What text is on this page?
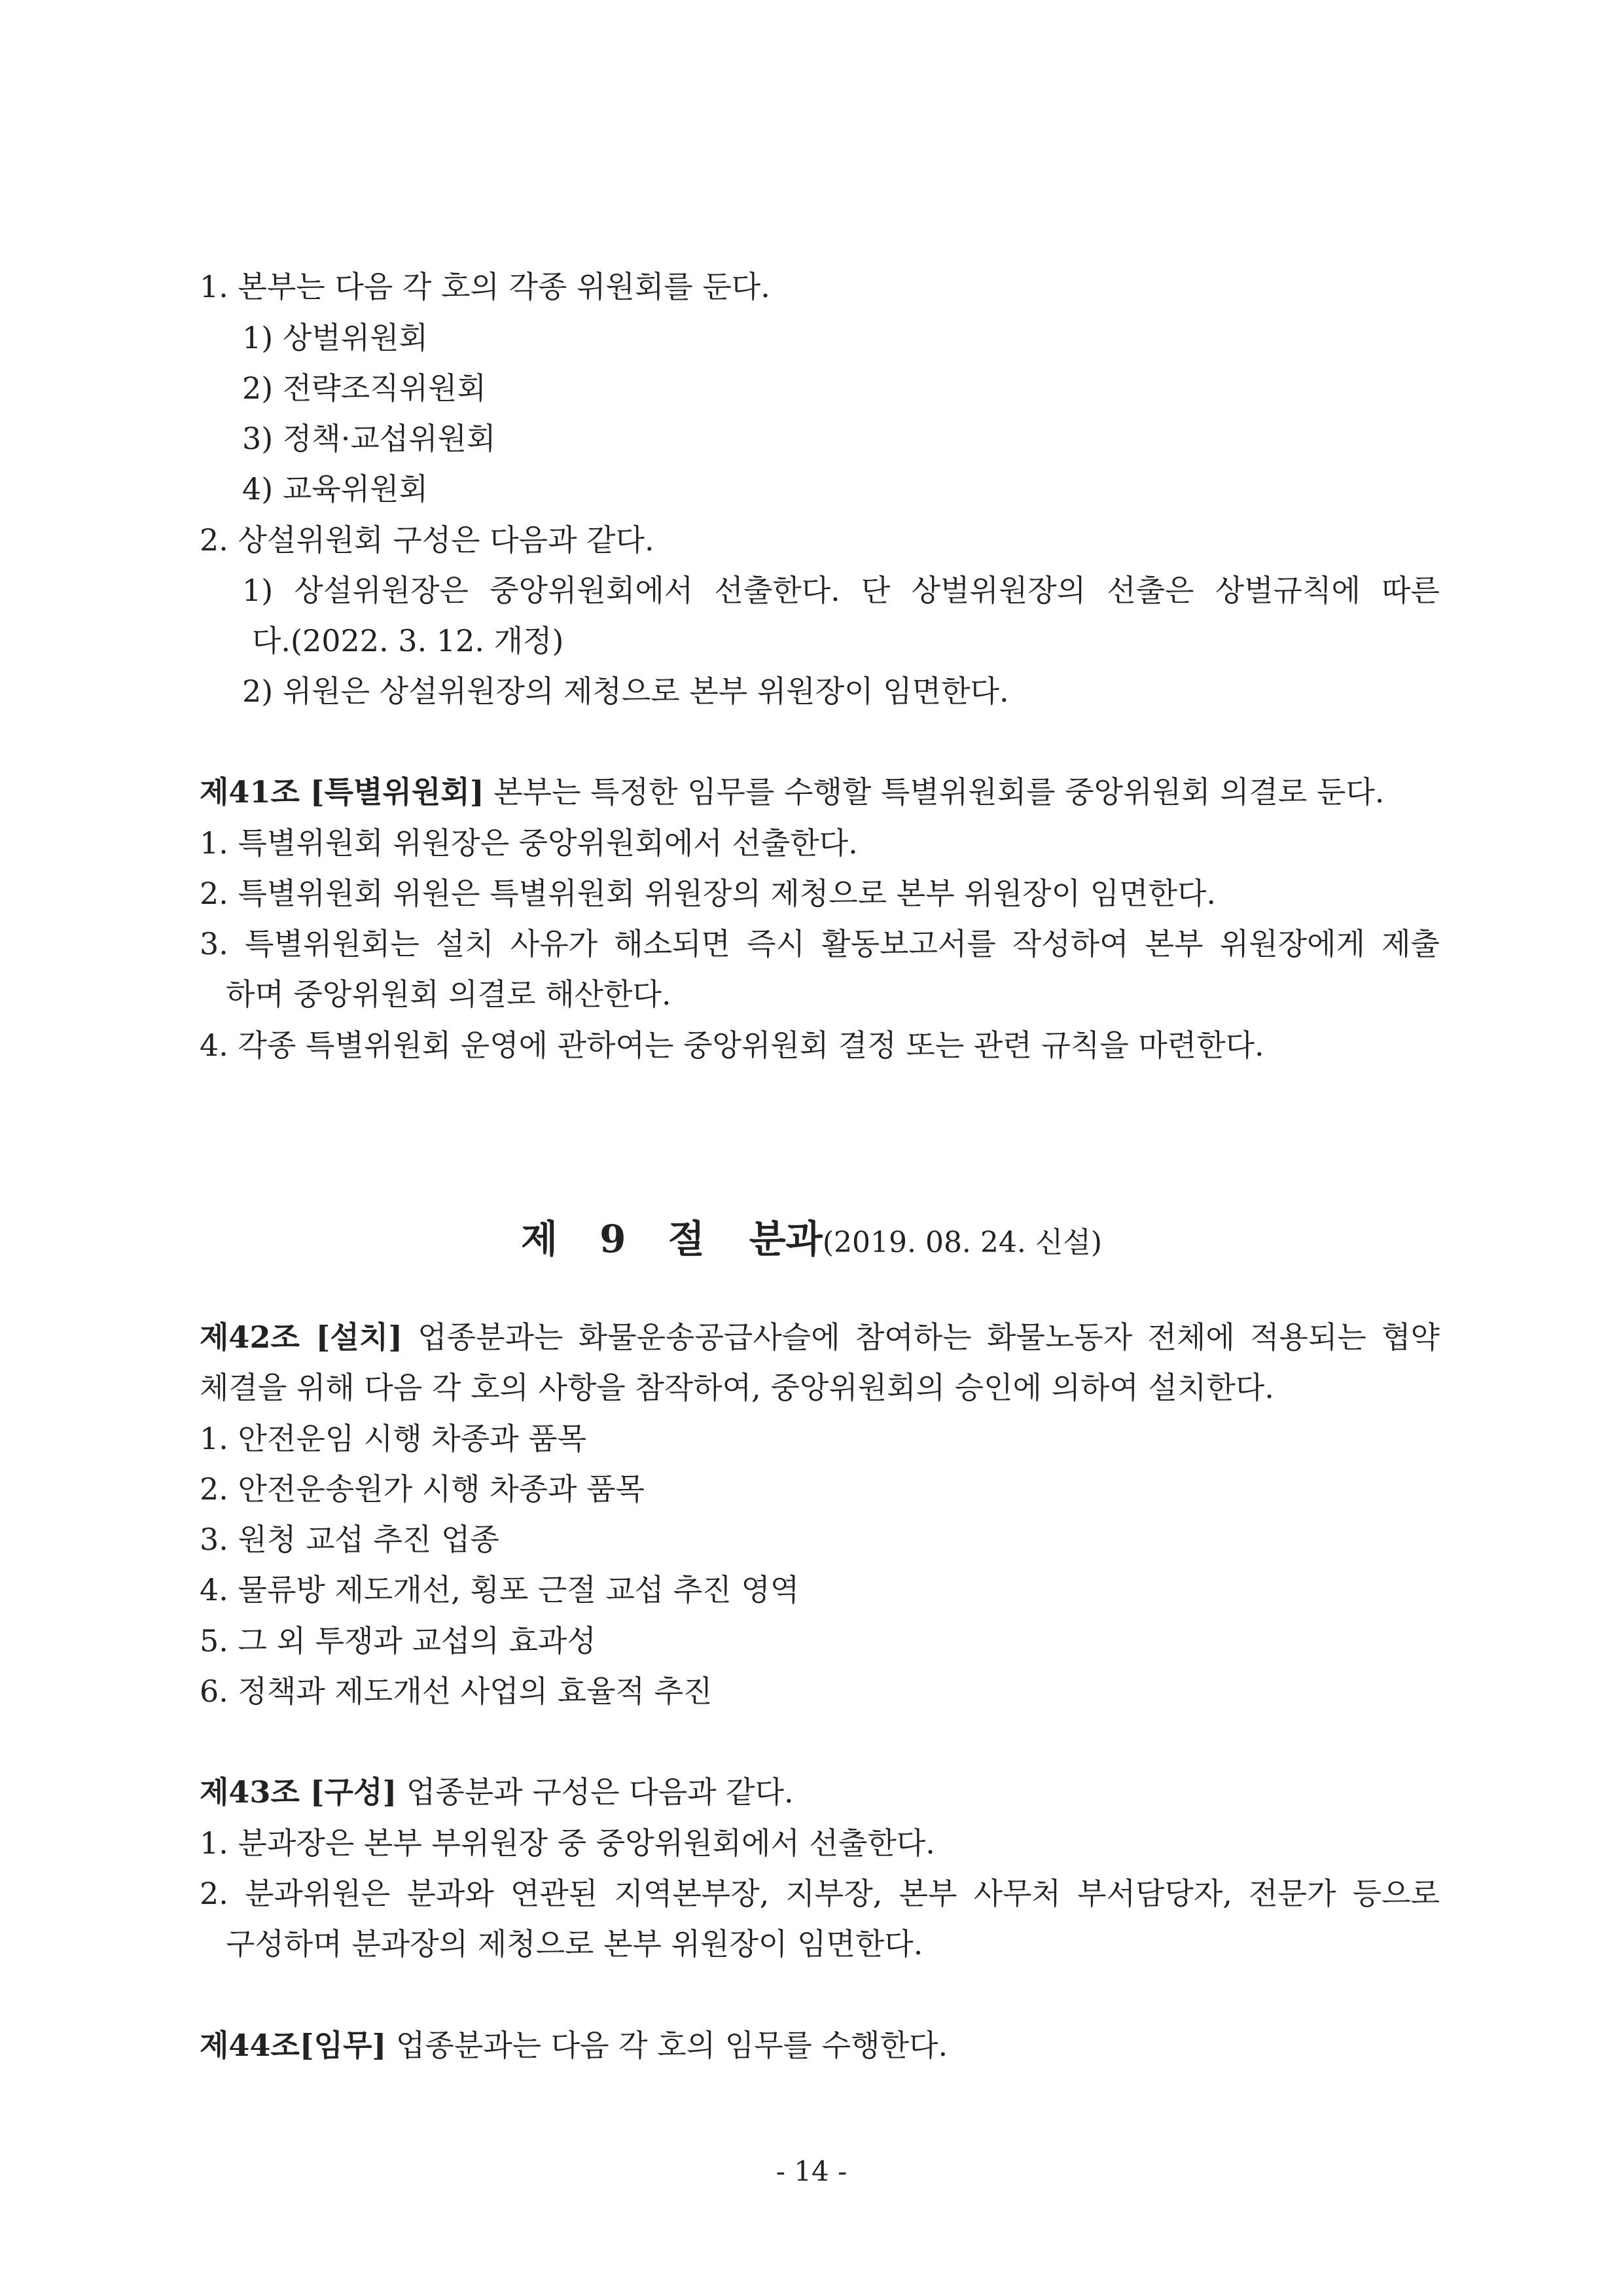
1. 본부는 다음 각 호의 각종 위원회를 둔다.
1) 상벌위원회
2) 전략조직위원회
3) 정책·교섭위원회
4) 교육위원회
2. 상설위원회 구성은 다음과 같다.
1) 상설위원장은 중앙위원회에서 선출한다. 단 상벌위원장의 선출은 상벌규칙에 따른
다.(2022. 3. 12. 개정)
2) 위원은 상설위원장의 제청으로 본부 위원장이 임면한다.
제41조 [특별위원회] 본부는 특정한 임무를 수행할 특별위원회를 중앙위원회 의결로 둔다.
1. 특별위원회 위원장은 중앙위원회에서 선출한다.
2. 특별위원회 위원은 특별위원회 위원장의 제청으로 본부 위원장이 임면한다.
3. 특별위원회는 설치 사유가 해소되면 즉시 활동보고서를 작성하여 본부 위원장에게 제출
하며 중앙위원회 의결로 해산한다.
4. 각종 특별위원회 운영에 관하여는 중앙위원회 결정 또는 관련 규칙을 마련한다.
제 9 절 분과(2019. 08. 24. 신설)
제42조 [설치] 업종분과는 화물운송공급사슬에 참여하는 화물노동자 전체에 적용되는 협약
체결을 위해 다음 각 호의 사항을 참작하여, 중앙위원회의 승인에 의하여 설치한다.
1. 안전운임 시행 차종과 품목
2. 안전운송원가 시행 차종과 품목
3. 원청 교섭 추진 업종
4. 물류방 제도개선, 횡포 근절 교섭 추진 영역
5. 그 외 투쟁과 교섭의 효과성
6. 정책과 제도개선 사업의 효율적 추진
제43조 [구성] 업종분과 구성은 다음과 같다.
1. 분과장은 본부 부위원장 중 중앙위원회에서 선출한다.
2. 분과위원은 분과와 연관된 지역본부장, 지부장, 본부 사무처 부서담당자, 전문가 등으로
구성하며 분과장의 제청으로 본부 위원장이 임면한다.
제44조[임무] 업종분과는 다음 각 호의 임무를 수행한다.
- 14 -
